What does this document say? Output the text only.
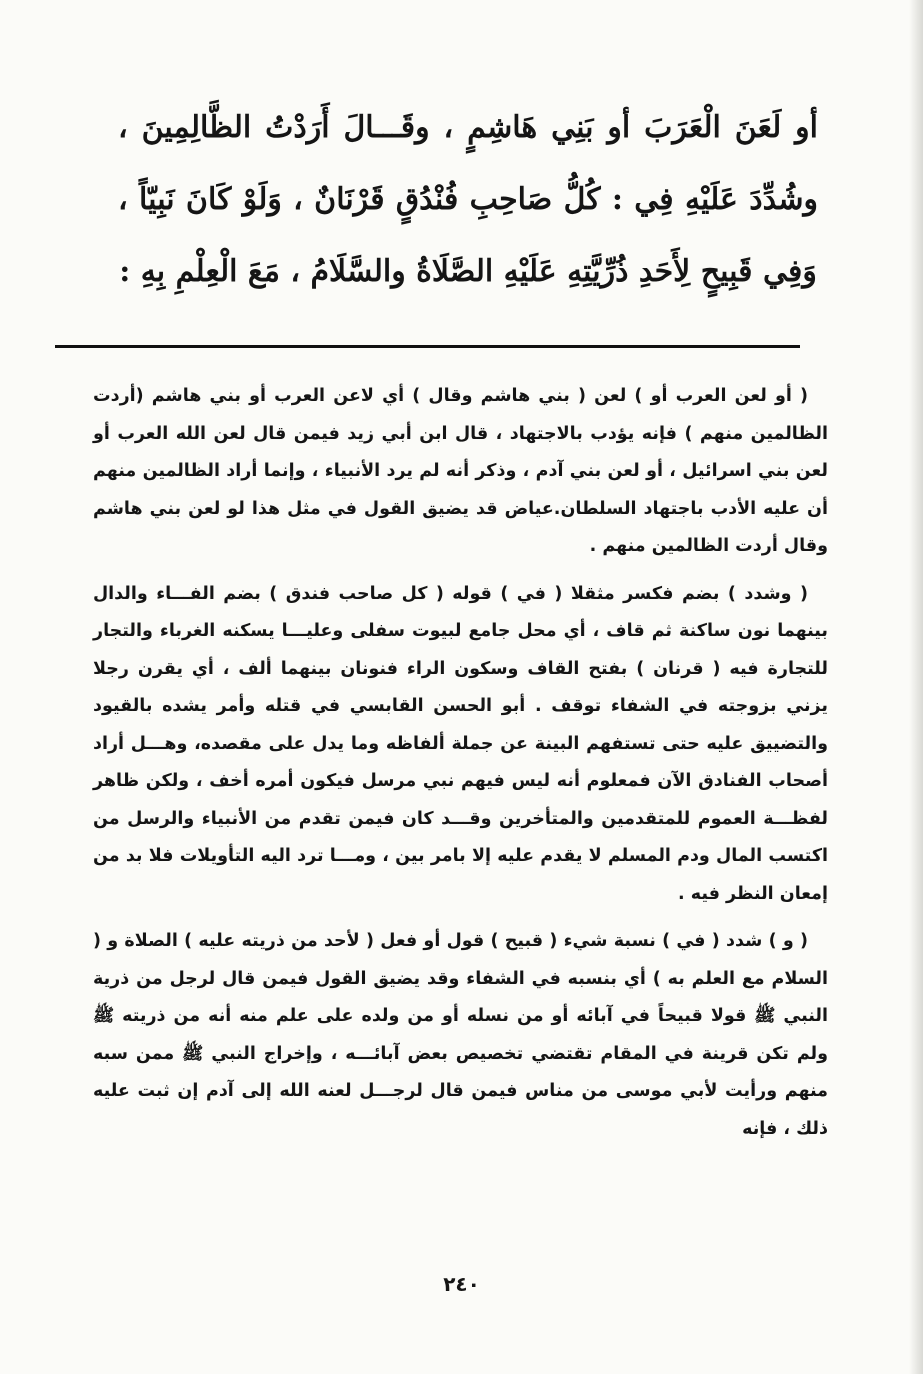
أو لَعَنَ الْعَرَبَ أو بَنِي هَاشِمٍ ، وقَـــالَ أَرَدْتُ الظَّالِمِينَ ، وشُدِّدَ عَلَيْهِ فِي : كُلُّ صَاحِبِ فُنْدُقٍ قَرْنَانٌ ، وَلَوْ كَانَ نَبِيّاً ، وَفِي قَبِيحٍ لِأَحَدِ ذُرِّيَّتِهِ عَلَيْهِ الصَّلَاةُ والسَّلَامُ ، مَعَ الْعِلْمِ بِهِ :

( أو لعن العرب أو ) لعن ( بني هاشم وقال ) أي لاعن العرب أو بني هاشم (أردت الظالمين منهم ) فإنه يؤدب بالاجتهاد ، قال ابن أبي زيد فيمن قال لعن الله العرب أو لعن بني اسرائيل ، أو لعن بني آدم ، وذكر أنه لم يرد الأنبياء ، وإنما أراد الظالمين منهم أن عليه الأدب باجتهاد السلطان.عياض قد يضيق القول في مثل هذا لو لعن بني هاشم وقال أردت الظالمين منهم .

( وشدد ) بضم فكسر مثقلا ( في ) قوله ( كل صاحب فندق ) بضم الفـــاء والدال بينهما نون ساكنة ثم قاف ، أي محل جامع لبيوت سفلى وعليـــا يسكنه الغرباء والتجار للتجارة فيه ( قرنان ) بفتح القاف وسكون الراء فنونان بينهما ألف ، أي يقرن رجلا يزني بزوجته في الشفاء توقف . أبو الحسن القابسي في قتله وأمر يشده بالقيود والتضييق عليه حتى تستفهم البينة عن جملة ألفاظه وما يدل على مقصده، وهـــل أراد أصحاب الفنادق الآن فمعلوم أنه ليس فيهم نبي مرسل فيكون أمره أخف ، ولكن ظاهر لفظـــة العموم للمتقدمين والمتأخرين وقـــد كان فيمن تقدم من الأنبياء والرسل من اكتسب المال ودم المسلم لا يقدم عليه إلا بامر بين ، ومـــا ترد اليه التأويلات فلا بد من إمعان النظر فيه .

( و ) شدد ( في ) نسبة شيء ( قبيح ) قول أو فعل ( لأحد من ذريته عليه ) الصلاة و ( السلام مع العلم به ) أي بنسبه في الشفاء وقد يضيق القول فيمن قال لرجل من ذرية النبي ﷺ قولا قبيحاً في آبائه أو من نسله أو من ولده على علم منه أنه من ذريته ﷺ ولم تكن قرينة في المقام تقتضي تخصيص بعض آبائـــه ، وإخراج النبي ﷺ ممن سبه منهم ورأيت لأبي موسى من مناس فيمن قال لرجـــل لعنه الله إلى آدم إن ثبت عليه ذلك ، فإنه

٢٤٠
